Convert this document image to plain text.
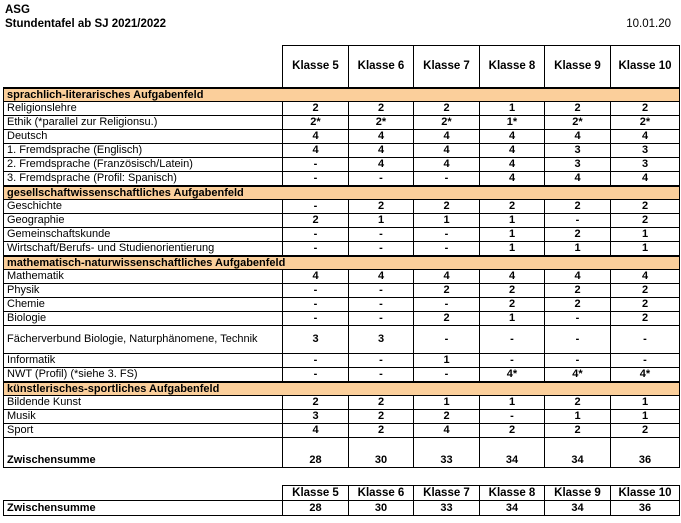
ASG
Stundentafel ab SJ 2021/2022	10.01.20
	Klasse 5	Klasse 6	Klasse 7	Klasse 8	Klasse 9	Klasse 10
sprachlich-literarisches Aufgabenfeld						
Religionslehre	2	2	2	1	2	2
Ethik (*parallel zur Religionsu.)	2*	2*	2*	1*	2*	2*
Deutsch	4	4	4	4	4	4
1. Fremdsprache (Englisch)	4	4	4	4	3	3
2. Fremdsprache (Französisch/Latein)	-	4	4	4	3	3
3. Fremdsprache (Profil: Spanisch)	-	-	-	4	4	4
gesellschaftwissenschaftliches Aufgabenfeld						
Geschichte	-	2	2	2	2	2
Geographie	2	1	1	1	-	2
Gemeinschaftskunde	-	-	-	1	2	1
Wirtschaft/Berufs- und Studienorientierung	-	-	-	1	1	1
mathematisch-naturwissenschaftliches Aufgabenfeld						
Mathematik	4	4	4	4	4	4
Physik	-	-	2	2	2	2
Chemie	-	-	-	2	2	2
Biologie	-	-	2	1	-	2
Fächerverbund Biologie, Naturphänomene, Technik	3	3	-	-	-	-
Informatik	-	-	1	-	-	-
NWT (Profil) (*siehe 3. FS)	-	-	-	4*	4*	4*
künstlerisches-sportliches Aufgabenfeld						
Bildende Kunst	2	2	1	1	2	1
Musik	3	2	2	-	1	1
Sport	4	2	4	2	2	2
Zwischensumme	28	30	33	34	34	36
	Klasse 5	Klasse 6	Klasse 7	Klasse 8	Klasse 9	Klasse 10
Zwischensumme	28	30	33	34	34	36
